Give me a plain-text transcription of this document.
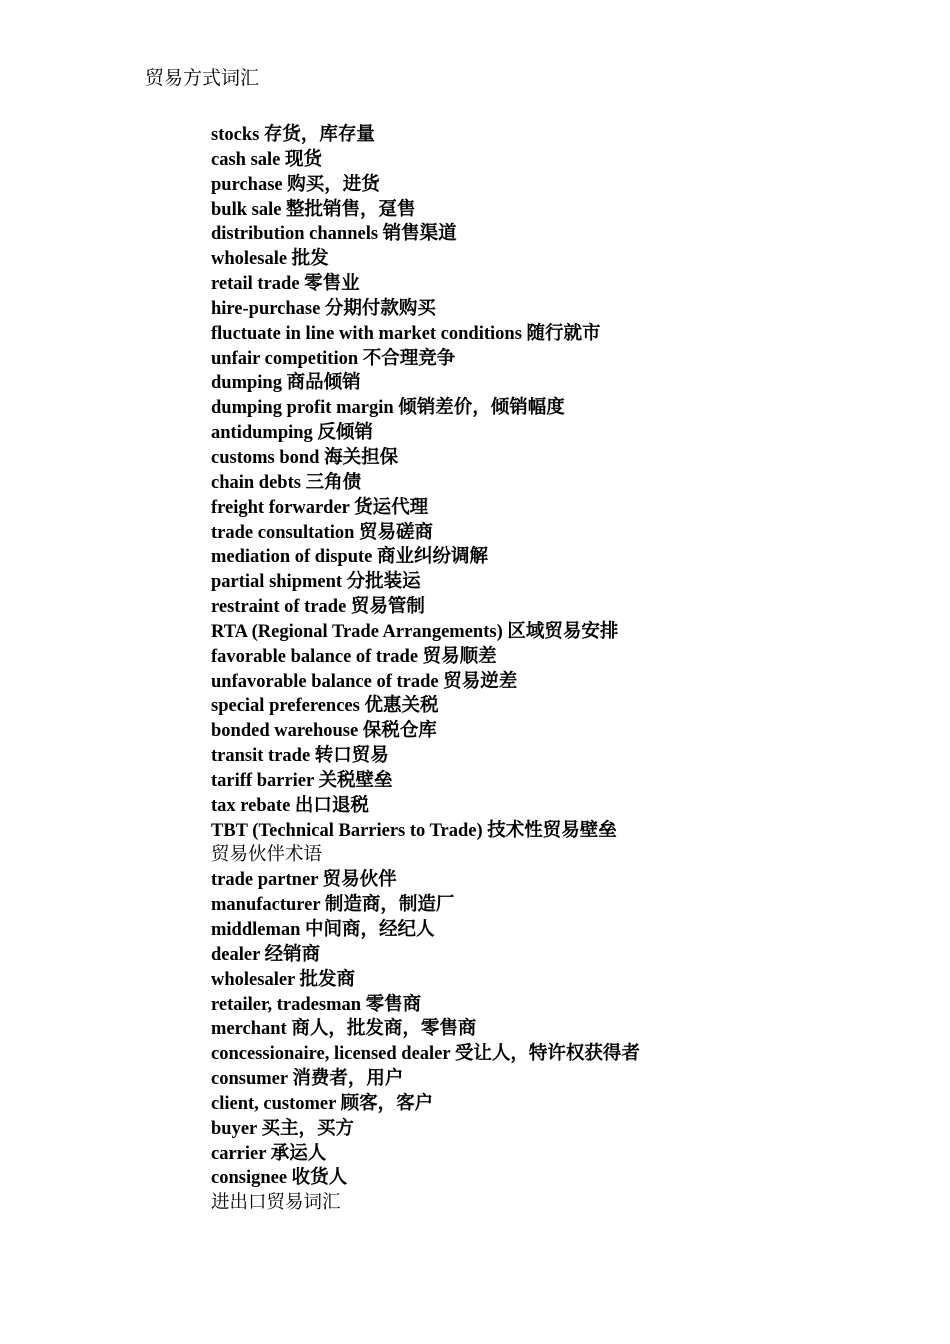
贸易方式词汇
stocks 存货，库存量
cash sale 现货
purchase 购买，进货
bulk sale 整批销售，趸售
distribution channels 销售渠道
wholesale 批发
retail trade 零售业
hire-purchase 分期付款购买
fluctuate in line with market conditions 随行就市
unfair competition 不合理竞争
dumping 商品倾销
dumping profit margin 倾销差价，倾销幅度
antidumping 反倾销
customs bond 海关担保
chain debts 三角债
freight forwarder 货运代理
trade consultation 贸易磋商
mediation of dispute 商业纠纷调解
partial shipment 分批装运
restraint of trade 贸易管制
RTA (Regional Trade Arrangements) 区域贸易安排
favorable balance of trade 贸易顺差
unfavorable balance of trade 贸易逆差
special preferences 优惠关税
bonded warehouse 保税仓库
transit trade 转口贸易
tariff barrier 关税壁垒
tax rebate 出口退税
TBT (Technical Barriers to Trade) 技术性贸易壁垒
贸易伙伴术语
trade partner 贸易伙伴
manufacturer 制造商，制造厂
middleman 中间商，经纪人
dealer 经销商
wholesaler 批发商
retailer, tradesman 零售商
merchant 商人，批发商，零售商
concessionaire, licensed dealer 受让人，特许权获得者
consumer 消费者，用户
client, customer 顾客，客户
buyer 买主，买方
carrier 承运人
consignee 收货人
进出口贸易词汇
